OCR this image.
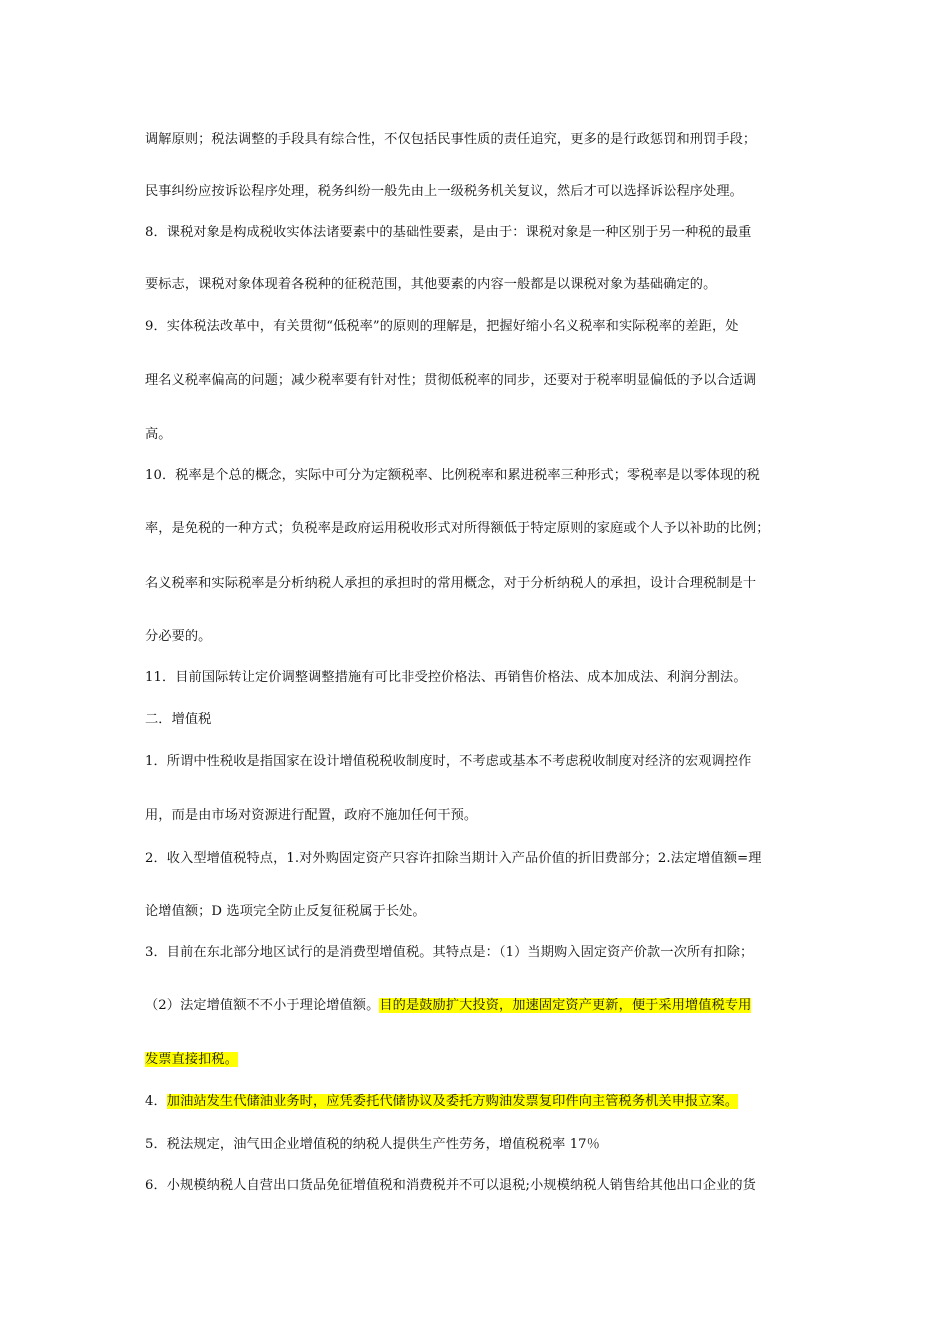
调解原则；税法调整的手段具有综合性，不仅包括民事性质的责任追究，更多的是行政惩罚和刑罚手段；
民事纠纷应按诉讼程序处理，税务纠纷一般先由上一级税务机关复议，然后才可以选择诉讼程序处理。
8．课税对象是构成税收实体法诸要素中的基础性要素，是由于：课税对象是一种区别于另一种税的最重
要标志，课税对象体现着各税种的征税范围，其他要素的内容一般都是以课税对象为基础确定的。
9．实体税法改革中，有关贯彻“低税率”的原则的理解是，把握好缩小名义税率和实际税率的差距，处
理名义税率偏高的问题；减少税率要有针对性；贯彻低税率的同步，还要对于税率明显偏低的予以合适调
高。
10．税率是个总的概念，实际中可分为定额税率、比例税率和累进税率三种形式；零税率是以零体现的税
率，是免税的一种方式；负税率是政府运用税收形式对所得额低于特定原则的家庭或个人予以补助的比例；
名义税率和实际税率是分析纳税人承担的承担时的常用概念，对于分析纳税人的承担，设计合理税制是十
分必要的。
11．目前国际转让定价调整调整措施有可比非受控价格法、再销售价格法、成本加成法、利润分割法。
二．增值税
1．所谓中性税收是指国家在设计增值税税收制度时，不考虑或基本不考虑税收制度对经济的宏观调控作
用，而是由市场对资源进行配置，政府不施加任何干预。
2．收入型增值税特点，1.对外购固定资产只容许扣除当期计入产品价值的折旧费部分；2.法定增值额=理
论增值额；D 选项完全防止反复征税属于长处。
3．目前在东北部分地区试行的是消费型增值税。其特点是：（1）当期购入固定资产价款一次所有扣除；
（2）法定增值额不不小于理论增值额。目的是鼓励扩大投资，加速固定资产更新，便于采用增值税专用
发票直接扣税。
4．加油站发生代储油业务时，应凭委托代储协议及委托方购油发票复印件向主管税务机关申报立案。
5．税法规定，油气田企业增值税的纳税人提供生产性劳务，增值税税率 17％
6．小规模纳税人自营出口货品免征增值税和消费税并不可以退税;小规模纳税人销售给其他出口企业的货
